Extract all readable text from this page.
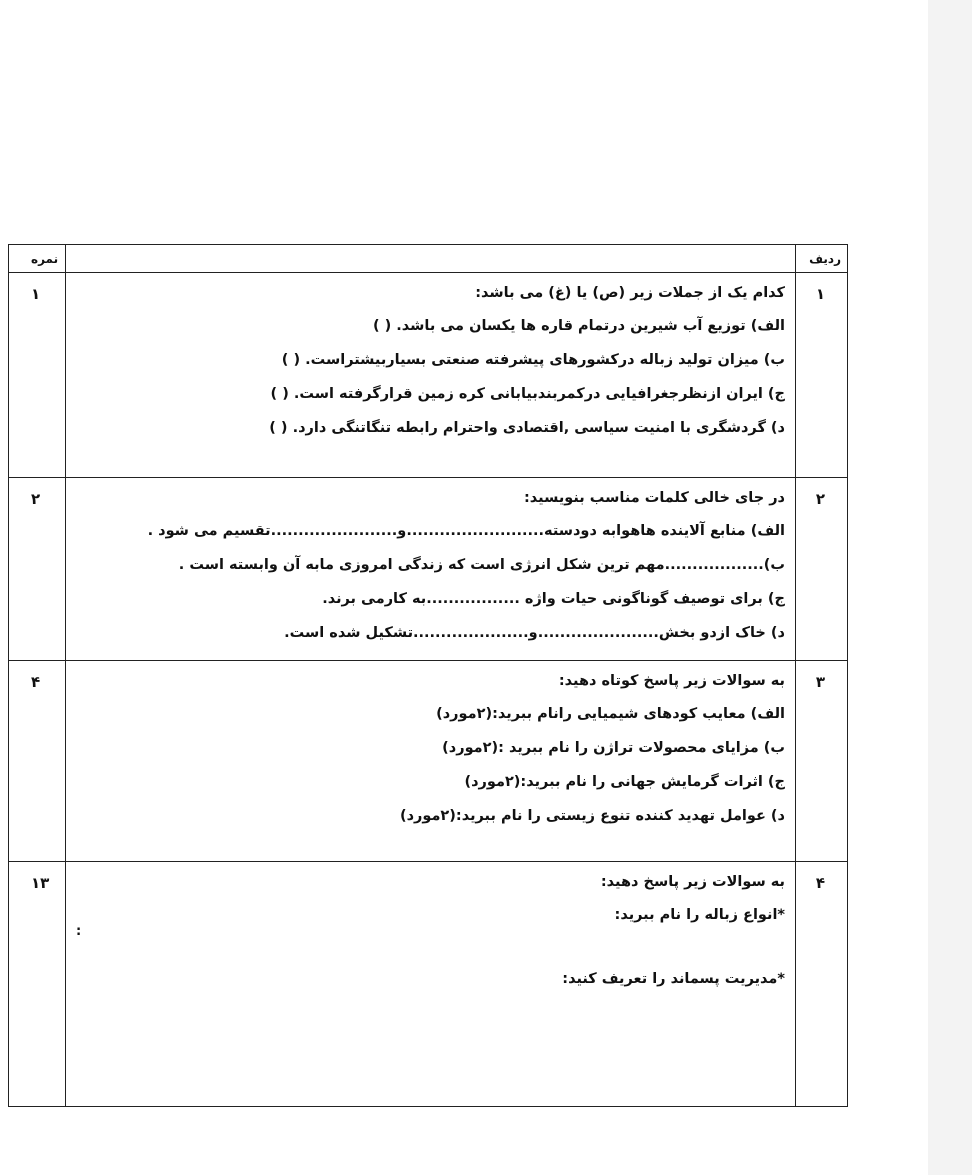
ردیف		نمره
۱	کدام یک از جملات زیر (ص) یا (غ) می باشد:
الف) توزیع آب شیرین درتمام قاره ها یکسان می باشد. ( )
ب) میزان تولید زباله درکشورهای پیشرفته صنعتی بسیاربیشتراست. ( )
ج) ایران ازنظرجغرافیایی درکمربندبیابانی کره زمین قرارگرفته است. ( )
د) گردشگری با امنیت سیاسی ,اقتصادی واحترام رابطه تنگاتنگی دارد. ( )	۱
۲	در جای خالی کلمات مناسب بنویسید:
الف) منابع آلاینده هاهوابه دودسته.........................و.......................تقسیم می شود .
ب)..................مهم ترین شکل انرژی است که زندگی امروزی مابه آن وابسته است .
ج) برای توصیف گوناگونی حیات واژه .................به کارمی برند.
د) خاک ازدو بخش......................و.....................تشکیل شده است.	۲
۳	به سوالات زیر پاسخ کوتاه دهید:
الف) معایب کودهای شیمیایی رانام ببرید:(۲مورد)
ب) مزایای محصولات تراژن را نام ببرید :(۲مورد)
ج) اثرات گرمایش جهانی را نام ببرید:(۲مورد)
د) عوامل تهدید کننده تنوع زیستی را نام ببرید:(۲مورد)	۴
۴	به سوالات زیر پاسخ دهید:
*انواع زباله را نام ببرید:
*مدیریت پسماند را تعریف کنید:	۱۳
:
